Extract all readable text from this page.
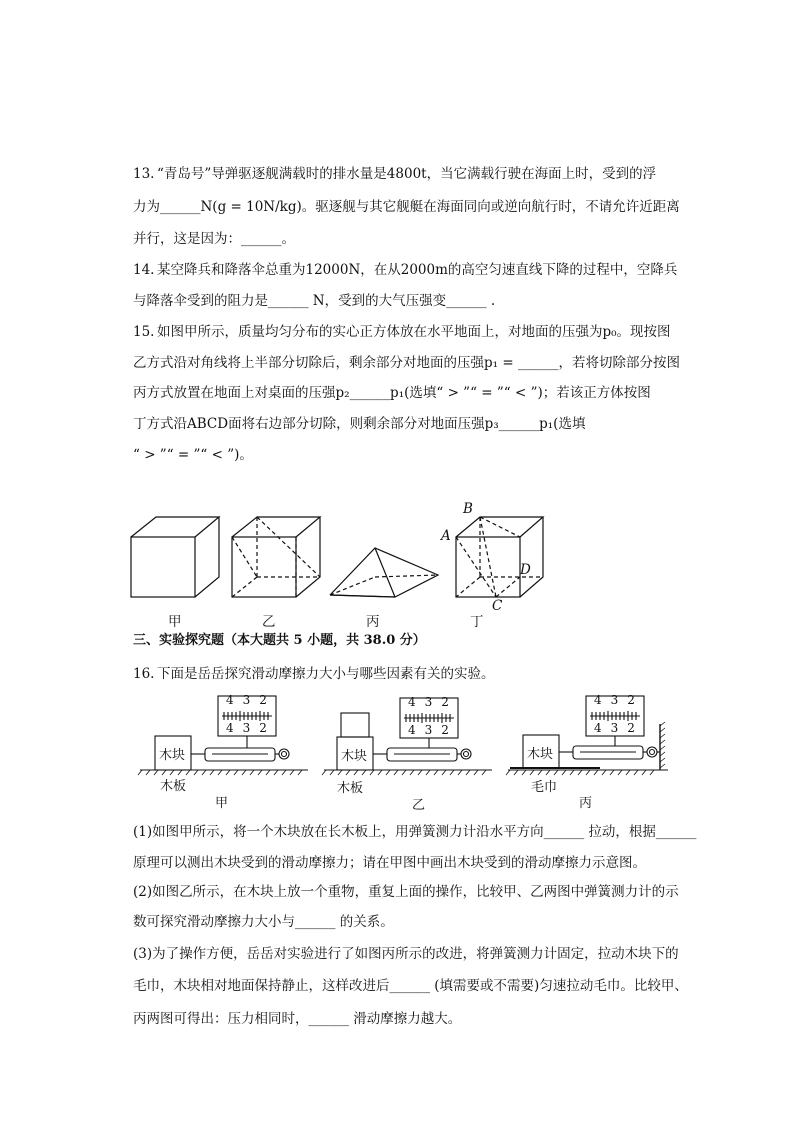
13. “青岛号”导弹驱逐舰满载时的排水量是4800t，当它满载行驶在海面上时，受到的浮
力为______N(g = 10N/kg)。驱逐舰与其它舰艇在海面同向或逆向航行时，不请允许近距离
并行，这是因为：______。
14. 某空降兵和降落伞总重为12000N，在从2000m的高空匀速直线下降的过程中，空降兵
与降落伞受到的阻力是______ N，受到的大气压强变______ .
15. 如图甲所示，质量均匀分布的实心正方体放在水平地面上，对地面的压强为p₀。现按图
乙方式沿对角线将上半部分切除后，剩余部分对地面的压强p₁ = ______，若将切除部分按图
丙方式放置在地面上对桌面的压强p₂______p₁(选填“ > ”“ = ”“ < ”)；若该正方体按图
丁方式沿ABCD面将右边部分切除，则剩余部分对地面压强p₃______p₁(选填
“ > ”“ = ”“ < ”)。
甲	乙	丙	丁
A
B
C
D
三、实验探究题（本大题共 5 小题，共 38.0 分）
16. 下面是岳岳探究滑动摩擦力大小与哪些因素有关的实验。
432
432
432
432
432
432
木块	木块	木块
木板	木板	毛巾
甲	乙	丙
(1)如图甲所示，将一个木块放在长木板上，用弹簧测力计沿水平方向______ 拉动，根据______
原理可以测出木块受到的滑动摩擦力；请在甲图中画出木块受到的滑动摩擦力示意图。
(2)如图乙所示，在木块上放一个重物，重复上面的操作，比较甲、乙两图中弹簧测力计的示
数可探究滑动摩擦力大小与______ 的关系。
(3)为了操作方便，岳岳对实验进行了如图丙所示的改进，将弹簧测力计固定，拉动木块下的
毛巾，木块相对地面保持静止，这样改进后______ (填需要或不需要)匀速拉动毛巾。比较甲、
丙两图可得出：压力相同时，______ 滑动摩擦力越大。
